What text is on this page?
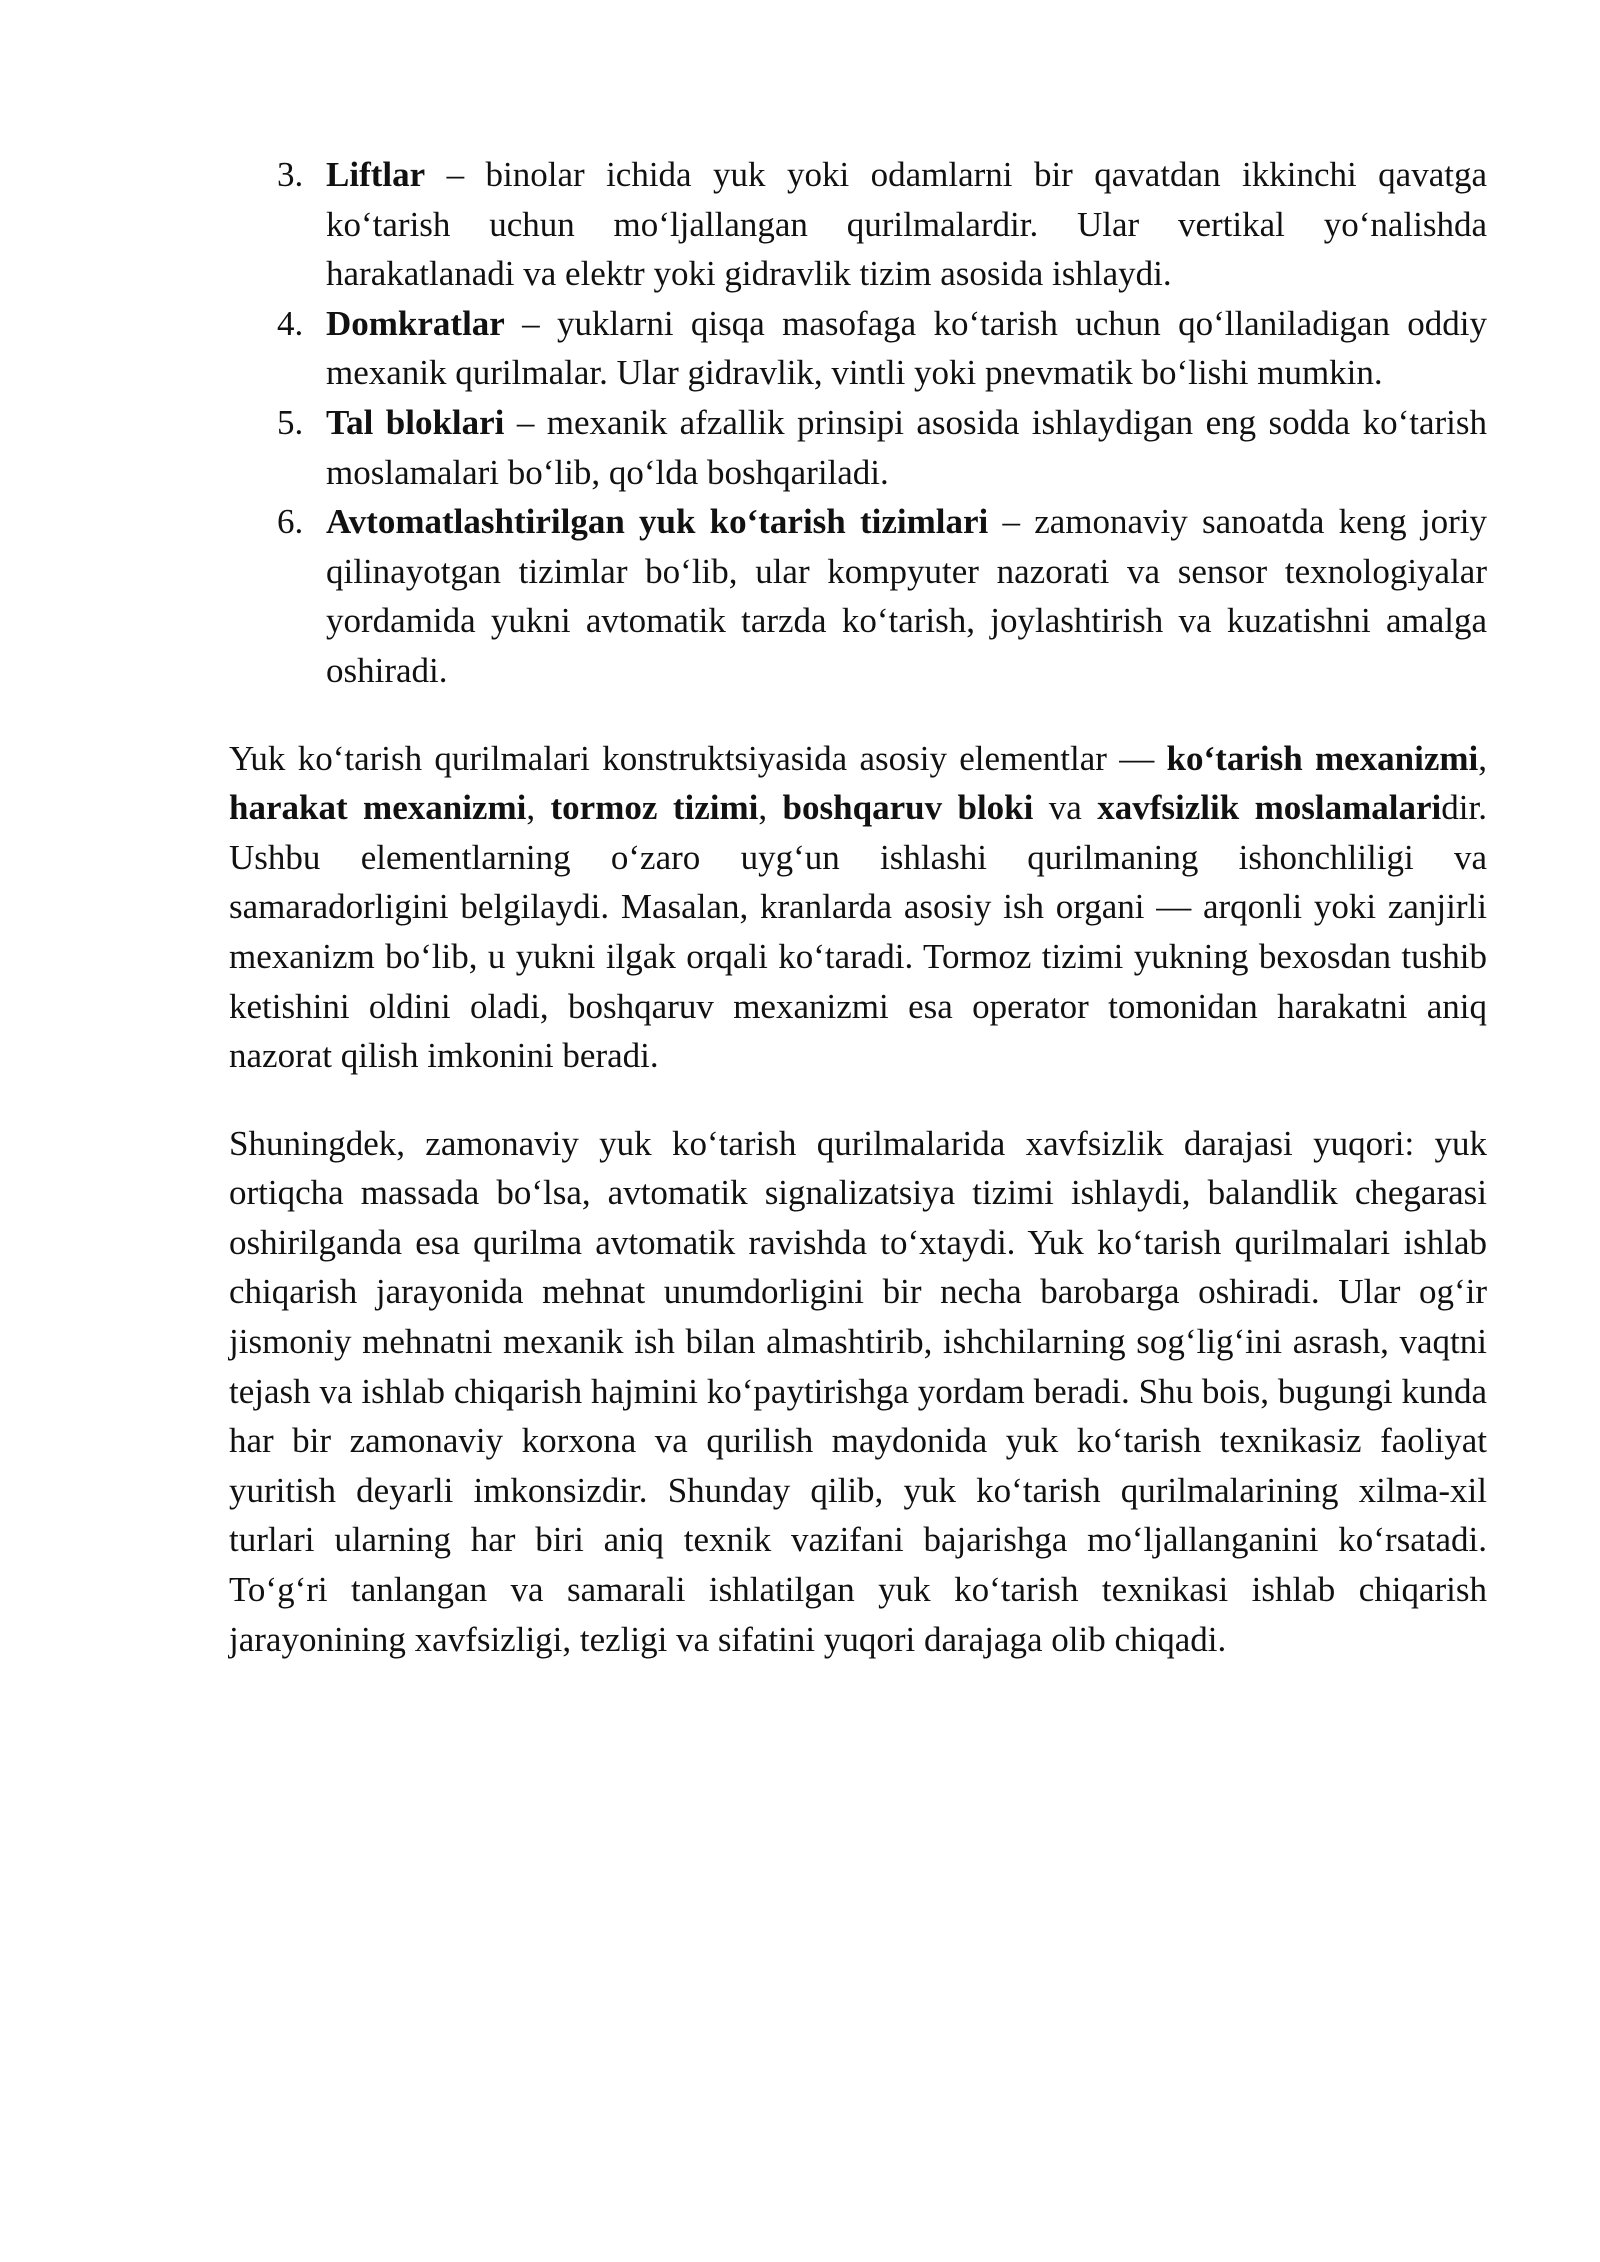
3. Liftlar – binolar ichida yuk yoki odamlarni bir qavatdan ikkinchi qavatga ko‘tarish uchun mo‘ljallangan qurilmalardir. Ular vertikal yo‘nalishda harakatlanadi va elektr yoki gidravlik tizim asosida ishlaydi.
4. Domkratlar – yuklarni qisqa masofaga ko‘tarish uchun qo‘llaniladigan oddiy mexanik qurilmalar. Ular gidravlik, vintli yoki pnevmatik bo‘lishi mumkin.
5. Tal bloklari – mexanik afzallik prinsipi asosida ishlaydigan eng sodda ko‘tarish moslamalari bo‘lib, qo‘lda boshqariladi.
6. Avtomatlashtirilgan yuk ko‘tarish tizimlari – zamonaviy sanoatda keng joriy qilinayotgan tizimlar bo‘lib, ular kompyuter nazorati va sensor texnologiyalar yordamida yukni avtomatik tarzda ko‘tarish, joylashtirish va kuzatishni amalga oshiradi.

Yuk ko‘tarish qurilmalari konstruktsiyasida asosiy elementlar — ko‘tarish mexanizmi, harakat mexanizmi, tormoz tizimi, boshqaruv bloki va xavfsizlik moslamalaridir. Ushbu elementlarning o‘zaro uyg‘un ishlashi qurilmaning ishonchliligi va samaradorligini belgilaydi. Masalan, kranlarda asosiy ish organi — arqonli yoki zanjirli mexanizm bo‘lib, u yukni ilgak orqali ko‘taradi. Tormoz tizimi yukning bexosdan tushib ketishini oldini oladi, boshqaruv mexanizmi esa operator tomonidan harakatni aniq nazorat qilish imkonini beradi.

Shuningdek, zamonaviy yuk ko‘tarish qurilmalarida xavfsizlik darajasi yuqori: yuk ortiqcha massada bo‘lsa, avtomatik signalizatsiya tizimi ishlaydi, balandlik chegarasi oshirilganda esa qurilma avtomatik ravishda to‘xtaydi. Yuk ko‘tarish qurilmalari ishlab chiqarish jarayonida mehnat unumdorligini bir necha barobarga oshiradi. Ular og‘ir jismoniy mehnatni mexanik ish bilan almashtirib, ishchilarning sog‘lig‘ini asrash, vaqtni tejash va ishlab chiqarish hajmini ko‘paytirishga yordam beradi. Shu bois, bugungi kunda har bir zamonaviy korxona va qurilish maydonida yuk ko‘tarish texnikasiz faoliyat yuritish deyarli imkonsizdir. Shunday qilib, yuk ko‘tarish qurilmalarining xilma-xil turlari ularning har biri aniq texnik vazifani bajarishga mo‘ljallanganini ko‘rsatadi. To‘g‘ri tanlangan va samarali ishlatilgan yuk ko‘tarish texnikasi ishlab chiqarish jarayonining xavfsizligi, tezligi va sifatini yuqori darajaga olib chiqadi.
